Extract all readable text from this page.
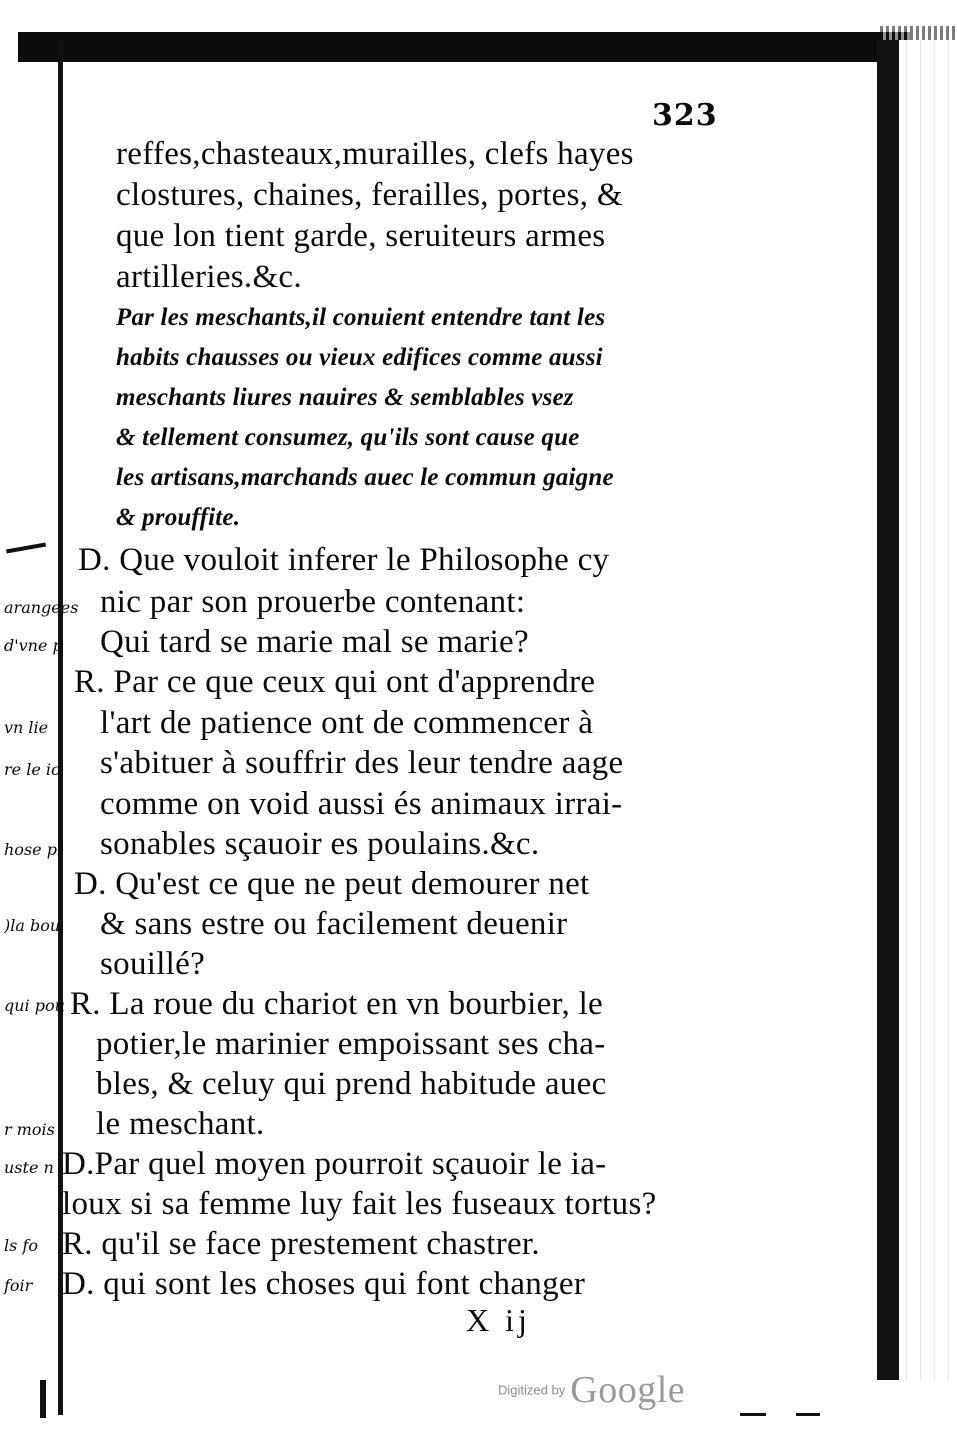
arangees
d'vne p
vn lie
re le ic
hose pl
)la bou
qui pou
r mois
uste n
ls fo
foir
323
reffes,chasteaux,murailles, clefs hayes
clostures, chaines, ferailles, portes, &
que lon tient garde, seruiteurs armes
artilleries.&c.
Par les meschants,il conuient entendre tant les
habits chausses ou vieux edifices comme aussi
meschants liures nauires & semblables vsez
& tellement consumez, qu'ils sont cause que
les artisans,marchands auec le commun gaigne
& prouffite.
D. Que vouloit inferer le Philosophe cy
nic par son prouerbe contenant:
Qui tard se marie mal se marie?
R. Par ce que ceux qui ont d'apprendre
l'art de patience ont de commencer à
s'abituer à souffrir des leur tendre aage
comme on void aussi és animaux irrai-
sonables sçauoir es poulains.&c.
D. Qu'est ce que ne peut demourer net
& sans estre ou facilement deuenir
souillé?
R. La roue du chariot en vn bourbier, le
potier,le marinier empoissant ses cha-
bles, & celuy qui prend habitude auec
le meschant.
D.Par quel moyen pourroit sçauoir le ia-
loux si sa femme luy fait les fuseaux tortus?
R. qu'il se face prestement chastrer.
D. qui sont les choses qui font changer
X ij
Digitized by Google
